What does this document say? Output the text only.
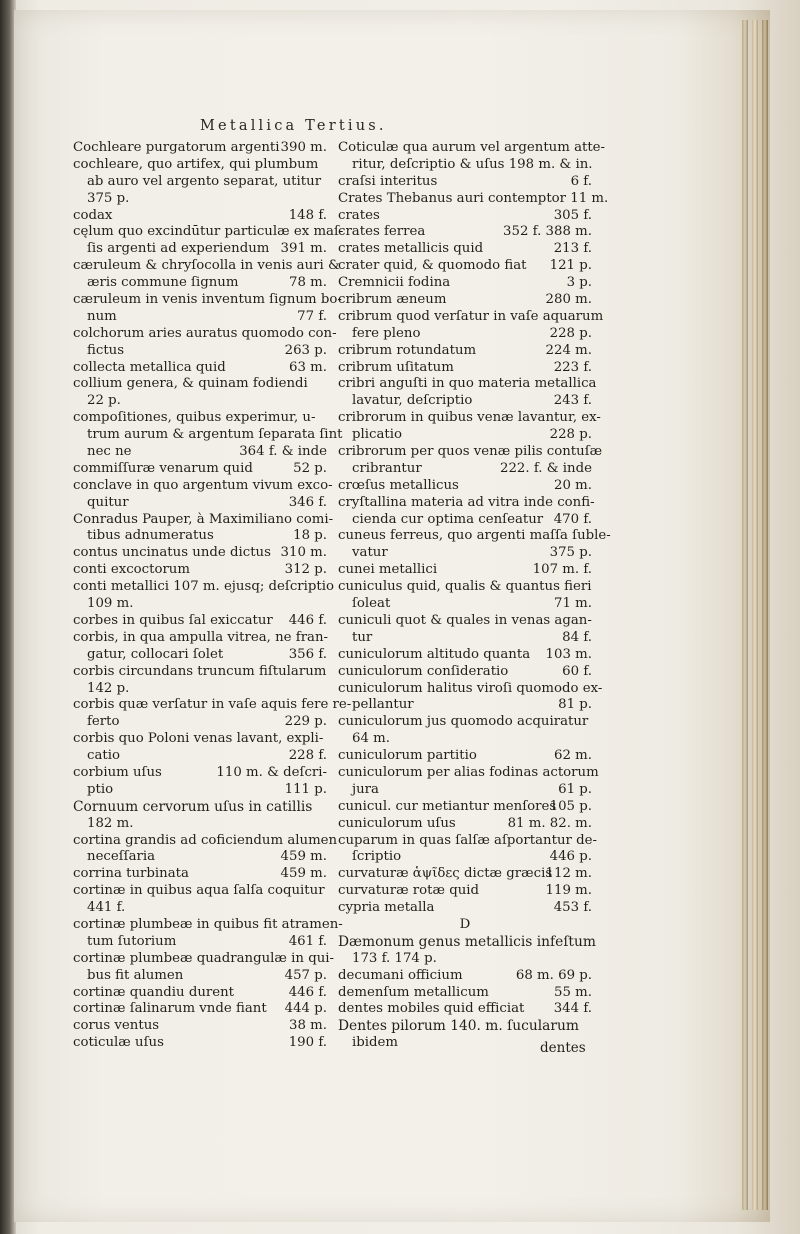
Metallica Tertius.
Cochleare purgatorum argenti 390 m.
cochleare, quo artifex, qui plumbum
ab auro vel argento separat, utitur
375 p.
codax	148 f.
cęlum quo excindūtur particulæ ex maſ-
ſis argenti ad experiendum 391 m.
cæruleum & chryſocolla in venis auri &
æris commune ſignum	78 m.
cæruleum in venis inventum ſignum bo-
num	77 f.
colchorum aries auratus quomodo con-
fictus	263 p.
collecta metallica quid	63 m.
collium genera, & quinam fodiendi
22 p.
compoſitiones, quibus experimur, u-
trum aurum & argentum ſeparata ſint
nec ne	364 f. & inde
commiſſuræ venarum quid	52 p.
conclave in quo argentum vivum exco-
quitur	346 f.
Conradus Pauper, à Maximiliano comi-
tibus adnumeratus	18 p.
contus uncinatus unde dictus 310 m.
conti excoctorum	312 p.
conti metallici 107 m. ejusq; deſcriptio
109 m.
corbes in quibus ſal exiccatur 446 f.
corbis, in qua ampulla vitrea, ne fran-
gatur, collocari ſolet	356 f.
corbis circundans truncum fiſtularum
142 p.
corbis quæ verſatur in vaſe aquis fere re-
ferto	229 p.
corbis quo Poloni venas lavant, expli-
catio	228 f.
corbium uſus	110 m. & deſcri-
ptio	111 p.
Cornuum cervorum uſus in catillis
182 m.
cortina grandis ad coficiendum alumen
neceſſaria	459 m.
corrina turbinata	459 m.
cortinæ in quibus aqua ſalſa coquitur
441 f.
cortinæ plumbeæ in quibus fit atramen-
tum ſutorium	461 f.
cortinæ plumbeæ quadrangulæ in qui-
bus fit alumen	457 p.
cortinæ quandiu durent	446 f.
cortinæ ſalinarum vnde fiant 444 p.
corus ventus	38 m.
coticulæ uſus	190 f.
Coticulæ qua aurum vel argentum atte-
ritur, deſcriptio & uſus 198 m. & in.
craſsi interitus	6 f.
Crates Thebanus auri contemptor 11 m.
crates	305 f.
crates ferrea	352 f. 388 m.
crates metallicis quid	213 f.
crater quid, & quomodo fiat 121 p.
Cremnicii fodina	3 p.
cribrum æneum	280 m.
cribrum quod verſatur in vaſe aquarum
fere pleno	228 p.
cribrum rotundatum	224 m.
cribrum uſitatum	223 f.
cribri anguſti in quo materia metallica
lavatur, deſcriptio	243 f.
cribrorum in quibus venæ lavantur, ex-
plicatio	228 p.
cribrorum per quos venæ pilis contuſæ
cribrantur	222. f. & inde
crœſus metallicus	20 m.
cryſtallina materia ad vitra inde confi-
cienda cur optima cenſeatur 470 f.
cuneus ferreus, quo argenti maſſa ſuble-
vatur	375 p.
cunei metallici	107 m. f.
cuniculus quid, qualis & quantus fieri
ſoleat	71 m.
cuniculi quot & quales in venas agan-
tur	84 f.
cuniculorum altitudo quanta 103 m.
cuniculorum conſideratio	60 f.
cuniculorum halitus viroſi quomodo ex-
pellantur	81 p.
cuniculorum jus quomodo acquiratur
64 m.
cuniculorum partitio	62 m.
cuniculorum per alias fodinas actorum
jura	61 p.
cunicul. cur metiantur menſores
105 p.
cuniculorum uſus	81 m. 82. m.
cuparum in quas ſalſæ aſportantur de-
ſcriptio	446 p.
curvaturæ ἁψῖδες dictæ græcis
112 m.
curvaturæ rotæ quid	119 m.
cypria metalla	453 f.
D
Dæmonum genus metallicis infeſtum
173 f. 174 p.
decumani officium	68 m. 69 p.
demenſum metallicum	55 m.
dentes mobiles quid efficiat 344 f.
Dentes pilorum 140. m. ſucularum
ibidem	dentes
